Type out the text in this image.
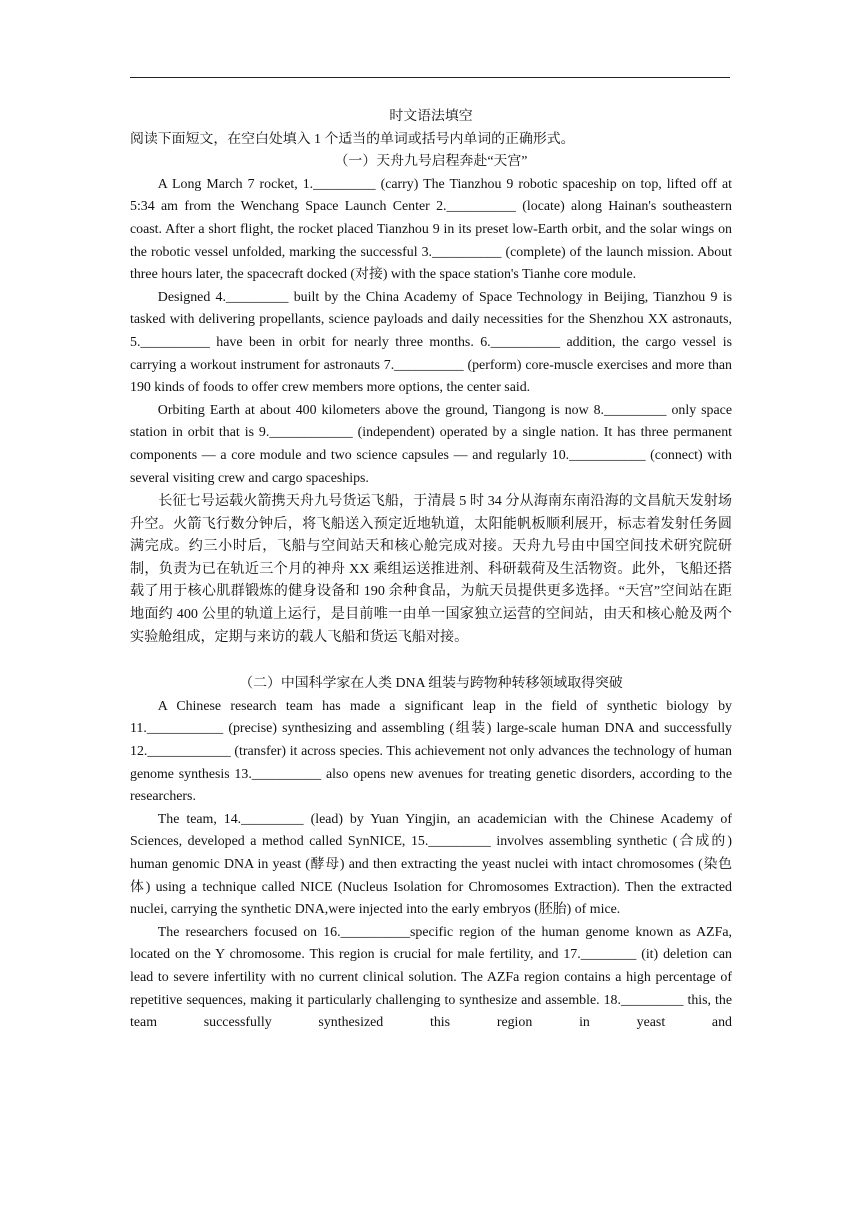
时文语法填空

阅读下面短文，在空白处填入 1 个适当的单词或括号内单词的正确形式。

（一）天舟九号启程奔赴“天宫”

A Long March 7 rocket, 1._________ (carry) The Tianzhou 9 robotic spaceship on top, lifted off at 5:34 am from the Wenchang Space Launch Center 2.__________ (locate) along Hainan's southeastern coast. After a short flight, the rocket placed Tianzhou 9 in its preset low-Earth orbit, and the solar wings on the robotic vessel unfolded, marking the successful 3.__________ (complete) of the launch mission. About three hours later, the spacecraft docked (对接) with the space station's Tianhe core module.

Designed 4._________ built by the China Academy of Space Technology in Beijing, Tianzhou 9 is tasked with delivering propellants, science payloads and daily necessities for the Shenzhou XX astronauts, 5.__________ have been in orbit for nearly three months. 6.__________ addition, the cargo vessel is carrying a workout instrument for astronauts 7.__________ (perform) core-muscle exercises and more than 190 kinds of foods to offer crew members more options, the center said.

Orbiting Earth at about 400 kilometers above the ground, Tiangong is now 8._________ only space station in orbit that is 9.____________ (independent) operated by a single nation. It has three permanent components — a core module and two science capsules — and regularly 10.___________ (connect) with several visiting crew and cargo spaceships.

长征七号运载火箭携天舟九号货运飞船，于清晨 5 时 34 分从海南东南沿海的文昌航天发射场升空。火箭飞行数分钟后，将飞船送入预定近地轨道，太阳能帆板顺利展开，标志着发射任务圆满完成。约三小时后，飞船与空间站天和核心舱完成对接。天舟九号由中国空间技术研究院研制，负责为已在轨近三个月的神舟 XX 乘组运送推进剂、科研载荷及生活物资。此外，飞船还搭载了用于核心肌群锻炼的健身设备和 190 余种食品，为航天员提供更多选择。“天宫”空间站在距地面约 400 公里的轨道上运行，是目前唯一由单一国家独立运营的空间站，由天和核心舱及两个实验舱组成，定期与来访的载人飞船和货运飞船对接。

（二）中国科学家在人类 DNA 组装与跨物种转移领域取得突破

A Chinese research team has made a significant leap in the field of synthetic biology by 11.___________ (precise) synthesizing and assembling (组装) large-scale human DNA and successfully 12.____________ (transfer) it across species. This achievement not only advances the technology of human genome synthesis 13.__________ also opens new avenues for treating genetic disorders, according to the researchers.

The team, 14._________ (lead) by Yuan Yingjin, an academician with the Chinese Academy of Sciences, developed a method called SynNICE, 15._________ involves assembling synthetic (合成的) human genomic DNA in yeast (酵母) and then extracting the yeast nuclei with intact chromosomes (染色体) using a technique called NICE (Nucleus Isolation for Chromosomes Extraction). Then the extracted nuclei, carrying the synthetic DNA,were injected into the early embryos (胚胎) of mice.

The researchers focused on 16.__________specific region of the human genome known as AZFa, located on the Y chromosome. This region is crucial for male fertility, and 17.________ (it) deletion can lead to severe infertility with no current clinical solution. The AZFa region contains a high percentage of repetitive sequences, making it particularly challenging to synthesize and assemble. 18._________ this, the team successfully synthesized this region in yeast and
